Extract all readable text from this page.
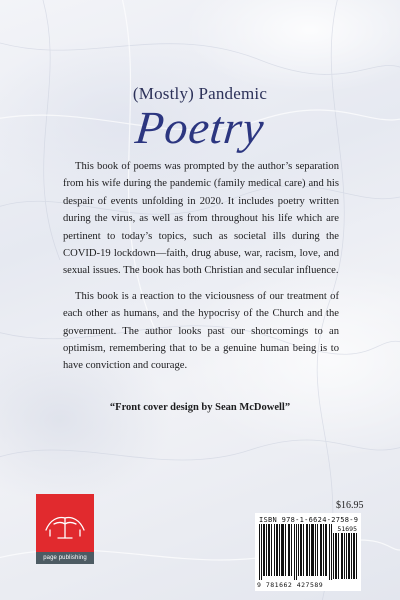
(Mostly) Pandemic
Poetry

This book of poems was prompted by the author’s separation from his wife during the pandemic (family medical care) and his despair of events unfolding in 2020. It includes poetry written during the virus, as well as from throughout his life which are pertinent to today’s topics, such as societal ills during the COVID-19 lockdown—faith, drug abuse, war, racism, love, and sexual issues. The book has both Christian and secular influence.

This book is a reaction to the viciousness of our treatment of each other as humans, and the hypocrisy of the Church and the government. The author looks past our shortcomings to an optimism, remembering that to be a genuine human being is to have conviction and courage.

“Front cover design by Sean McDowell”
page publishing
$16.95
ISBN 978-1-6624-2758-9
51695
9 781662 427589
